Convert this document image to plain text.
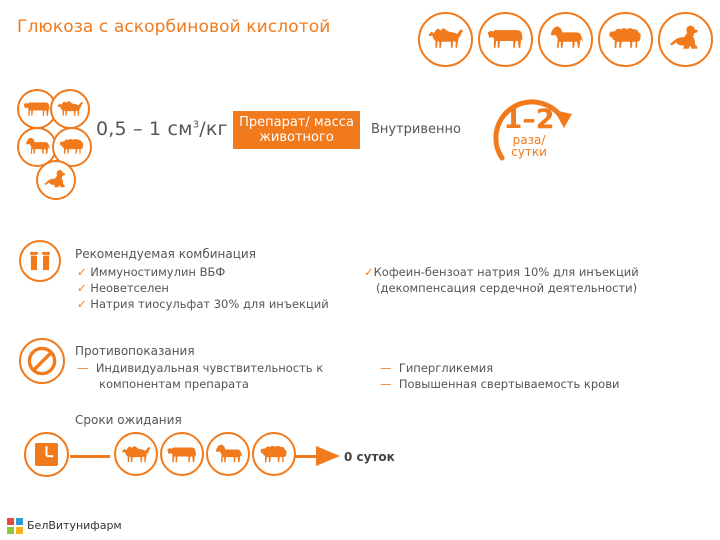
Глюкоза с аскорбиновой кислотой
0,5 – 1 $см^3/кг$ Препарат/ масса
животного
Внутривенно 1–2
раза/
сутки
Рекомендуемая комбинация
✓ Иммуностимулин ВБФ
✓ Неоветселен
✓ Натрия тиосульфат 30% для инъекций
✓Кофеин-бензоат натрия 10% для инъекций
(декомпенсация сердечной деятельности)
Противопоказания
— Индивидуальная чувствительность к
компонентам препарата
— Гипергликемия
— Повышенная свертываемость крови
Сроки ожидания
0 суток
БелВитунифарм
